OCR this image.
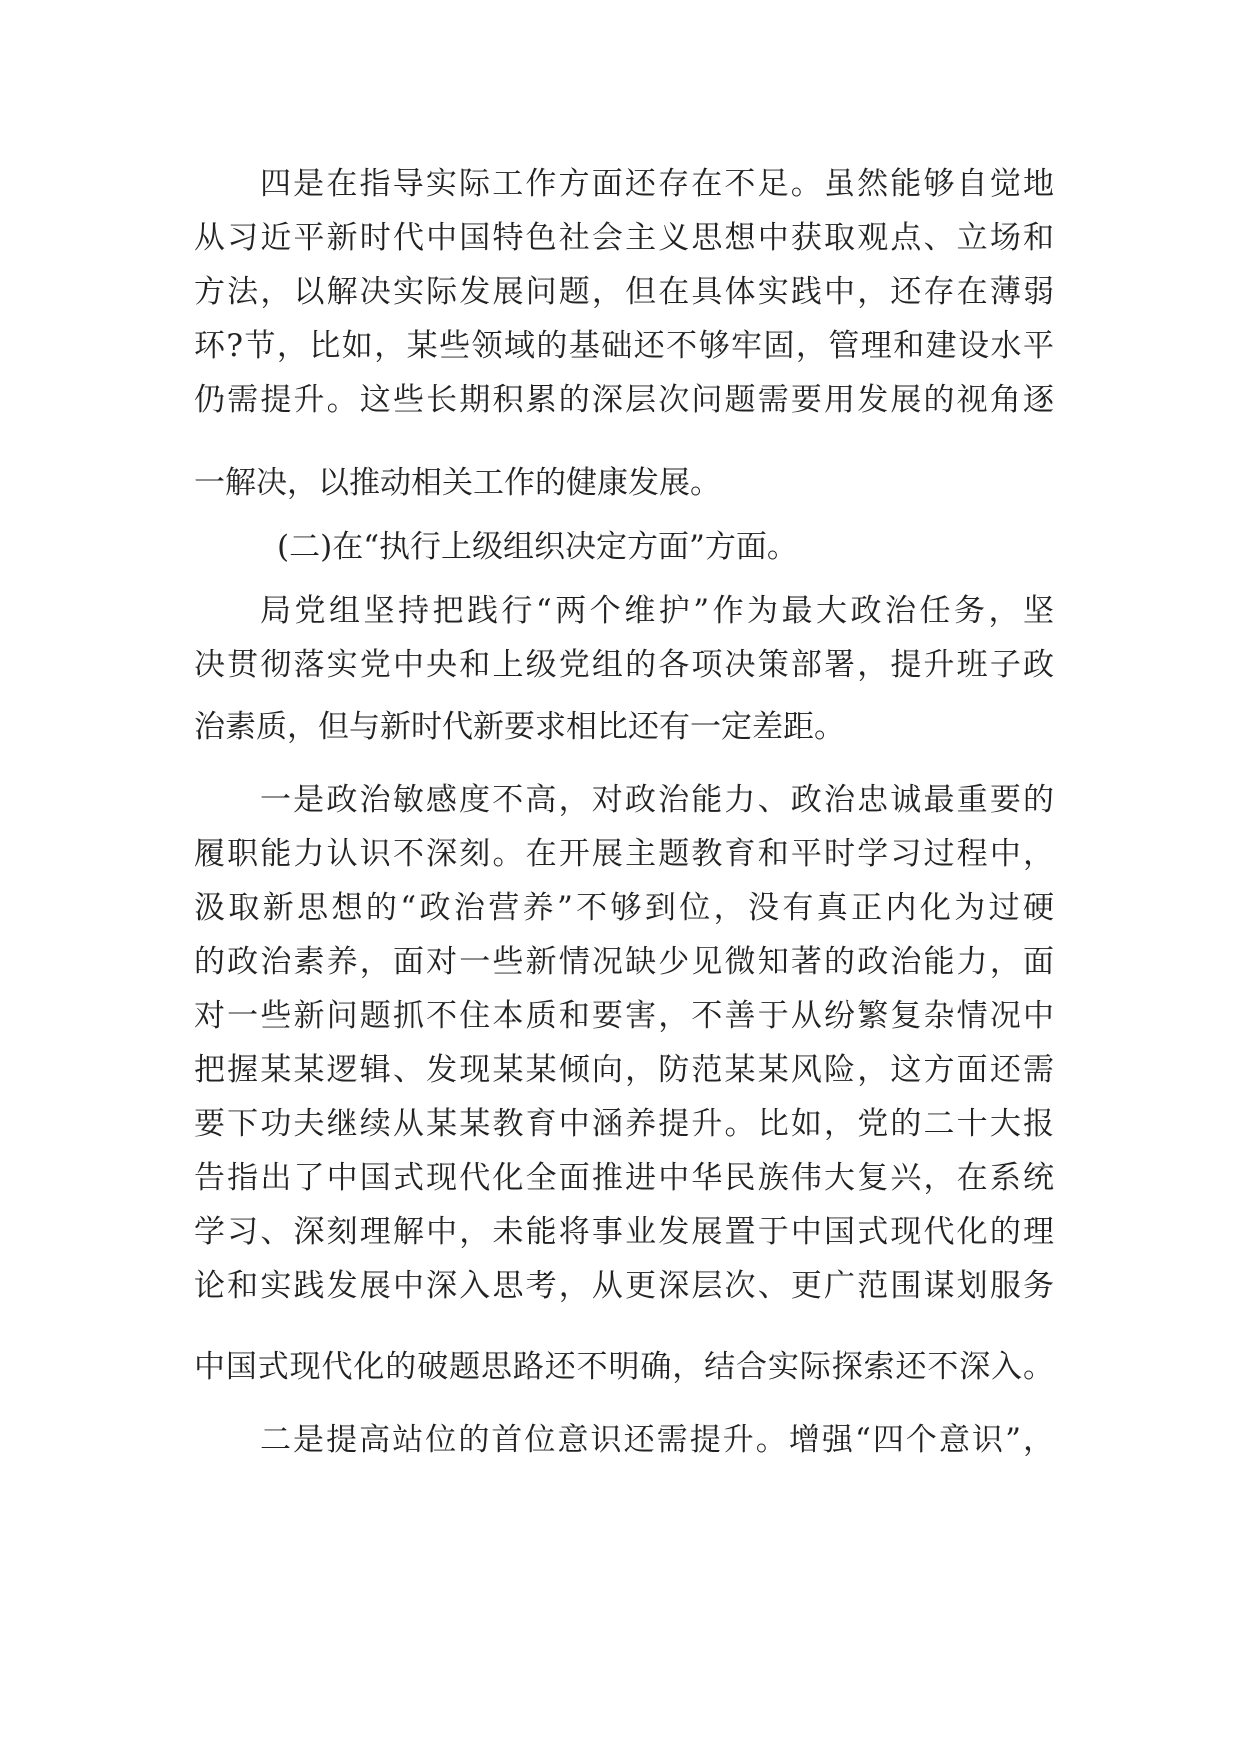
四是在指导实际工作方面还存在不足。虽然能够自觉地
从习近平新时代中国特色社会主义思想中获取观点、立场和
方法，以解决实际发展问题，但在具体实践中，还存在薄弱
环?节，比如，某些领域的基础还不够牢固，管理和建设水平
仍需提升。这些长期积累的深层次问题需要用发展的视角逐
一解决，以推动相关工作的健康发展。
(二)在“执行上级组织决定方面”方面。
局党组坚持把践行“两个维护”作为最大政治任务，坚
决贯彻落实党中央和上级党组的各项决策部署，提升班子政
治素质，但与新时代新要求相比还有一定差距。
一是政治敏感度不高，对政治能力、政治忠诚最重要的
履职能力认识不深刻。在开展主题教育和平时学习过程中，
汲取新思想的“政治营养”不够到位，没有真正内化为过硬
的政治素养，面对一些新情况缺少见微知著的政治能力，面
对一些新问题抓不住本质和要害，不善于从纷繁复杂情况中
把握某某逻辑、发现某某倾向，防范某某风险，这方面还需
要下功夫继续从某某教育中涵养提升。比如，党的二十大报
告指出了中国式现代化全面推进中华民族伟大复兴，在系统
学习、深刻理解中，未能将事业发展置于中国式现代化的理
论和实践发展中深入思考，从更深层次、更广范围谋划服务
中国式现代化的破题思路还不明确，结合实际探索还不深入。
二是提高站位的首位意识还需提升。增强“四个意识”，
